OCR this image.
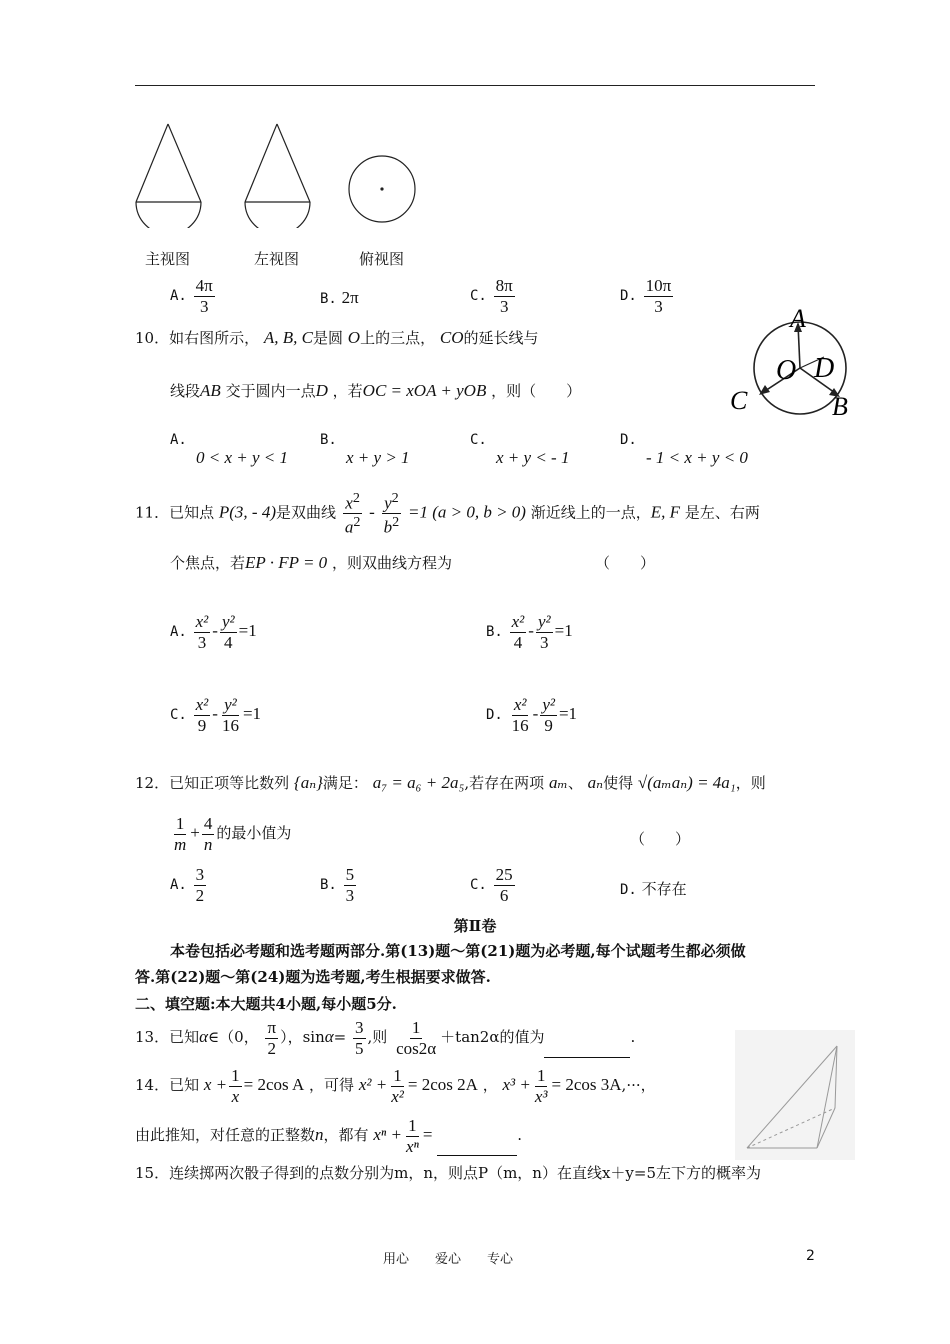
主视图	左视图	俯视图
A. $\frac{4\pi}{3}$	B. 2π	C. $\frac{8\pi}{3}$	D. $\frac{10\pi}{3}$
10．如右图所示， A, B, C是圆 O上的三点， CO的延长线与
线段AB 交于圆内一点D ，若OC = xOA + yOB ，则（　　）
A.
0 < x + y < 1
B.
x + y > 1
C.
x + y < - 1
D.
- 1 < x + y < 0
A
B
C
D
O
11．已知点 P(3, - 4)是双曲线 $\frac{x^2}{a^2} - \frac{y^2}{b^2} =1$ (a > 0, b > 0) 渐近线上的一点，E, F 是左、右两
个焦点，若EP · FP = 0 ，则双曲线方程为	（　　）
A. $\frac{\text{x²}}{3} - \frac{\text{y²}}{4} =1$	B. $\frac{\text{x²}}{4} - \frac{\text{y²}}{3} =1$
C. $\frac{\text{x²}}{9} - \frac{\text{y²}}{16} =1$	D. $\frac{\text{x²}}{16} - \frac{\text{y²}}{9} =1$
12．已知正项等比数列 {aₙ}满足： a₇ = a₆ + 2a₅,若存在两项 aₘ、 aₙ使得 √(aₘaₙ) = 4a₁，则
$\frac{1}{m} + \frac{4}{n}$ 的最小值为	（　　）
A. $\frac{3}{2}$	B. $\frac{5}{3}$	C. $\frac{25}{6}$	D. 不存在
第Ⅱ卷
本卷包括必考题和选考题两部分.第(13)题～第(21)题为必考题,每个试题考生都必须做
答.第(22)题～第(24)题为选考题,考生根据要求做答.
二、填空题:本大题共4小题,每小题5分.
13．已知α∈（0， $\frac{\pi}{2}$ ），$\sin\alpha= \frac{3}{5}$ ,则 $\frac{1}{\cos 2\alpha} +\tan 2\alpha$的值为	.
14．已知 $x + \frac{1}{x} = 2\cos$ A ，可得 $x^2 + \frac{1}{\text{x²}} = 2\cos$ 2A ， $x^3 + \frac{1}{\text{x³}} = 2\cos$ 3A,···，
由此推知，对任意的正整数n，都有 $x^n + \frac{1}{\text{xⁿ}}$ =	.
15．连续掷两次骰子得到的点数分别为m，n，则点P（m，n）在直线x＋y=5左下方的概率为
用心　　爱心　　专心	2
